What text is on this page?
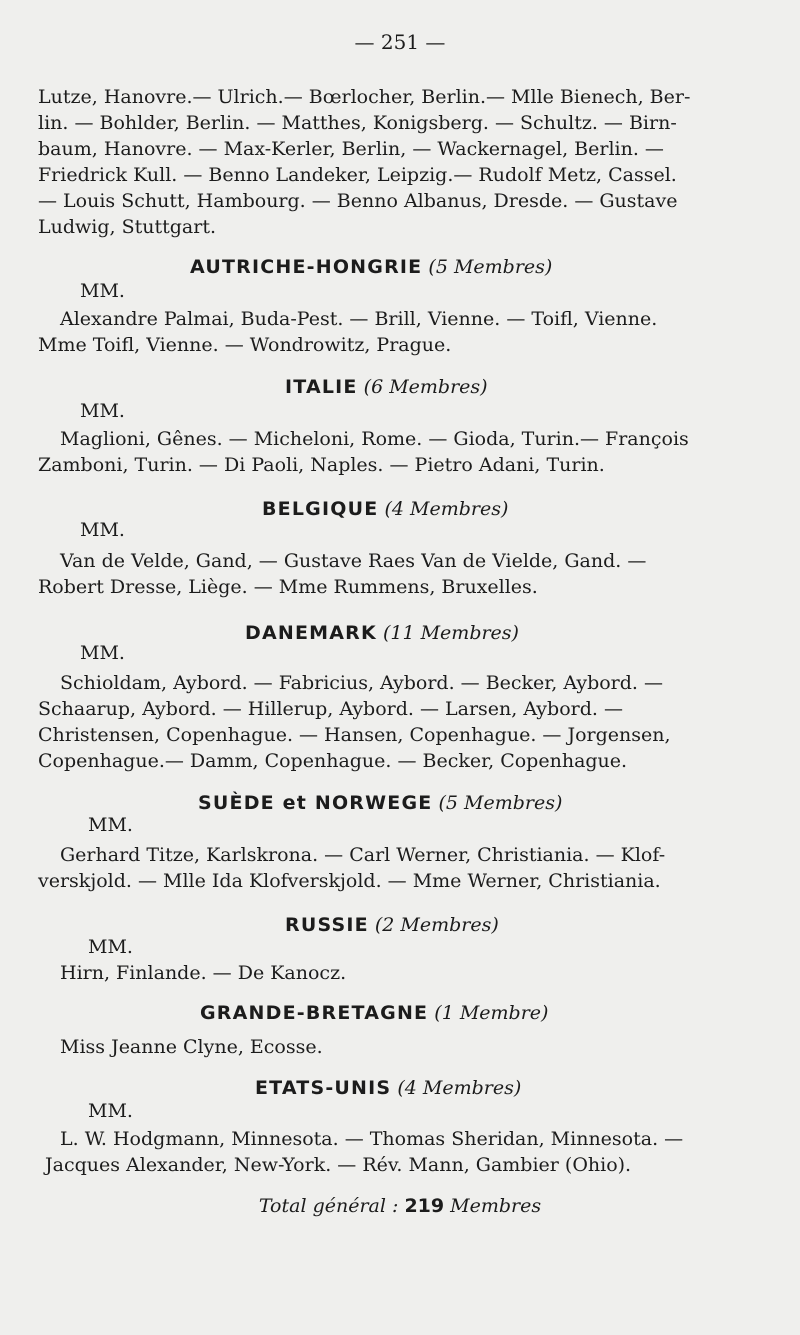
— 251 —
Lutze, Hanovre.— Ulrich.— Bœrlocher, Berlin.— Mlle Bienech, Ber-
lin. — Bohlder, Berlin. — Matthes, Konigsberg. — Schultz. — Birn-
baum, Hanovre. — Max-Kerler, Berlin, — Wackernagel, Berlin. —
Friedrick Kull. — Benno Landeker, Leipzig.— Rudolf Metz, Cassel.
— Louis Schutt, Hambourg. — Benno Albanus, Dresde. — Gustave
Ludwig, Stuttgart.
AUTRICHE-HONGRIE (5 Membres)
MM.
Alexandre Palmai, Buda-Pest. — Brill, Vienne. — Toifl, Vienne.
Mme Toifl, Vienne. — Wondrowitz, Prague.
ITALIE (6 Membres)
MM.
Maglioni, Gênes. — Micheloni, Rome. — Gioda, Turin.— François
Zamboni, Turin. — Di Paoli, Naples. — Pietro Adani, Turin.
BELGIQUE (4 Membres)
MM.
Van de Velde, Gand, — Gustave Raes Van de Vielde, Gand. —
Robert Dresse, Liège. — Mme Rummens, Bruxelles.
DANEMARK (11 Membres)
MM.
Schioldam, Aybord. — Fabricius, Aybord. — Becker, Aybord. —
Schaarup, Aybord. — Hillerup, Aybord. — Larsen, Aybord. —
Christensen, Copenhague. — Hansen, Copenhague. — Jorgensen,
Copenhague.— Damm, Copenhague. — Becker, Copenhague.
SUÈDE et NORWEGE (5 Membres)
MM.
Gerhard Titze, Karlskrona. — Carl Werner, Christiania. — Klof-
verskjold. — Mlle Ida Klofverskjold. — Mme Werner, Christiania.
RUSSIE (2 Membres)
MM.
Hirn, Finlande. — De Kanocz.
GRANDE-BRETAGNE (1 Membre)
Miss Jeanne Clyne, Ecosse.
ETATS-UNIS (4 Membres)
MM.
L. W. Hodgmann, Minnesota. — Thomas Sheridan, Minnesota. —
Jacques Alexander, New-York. — Rév. Mann, Gambier (Ohio).
Total général : 219 Membres
